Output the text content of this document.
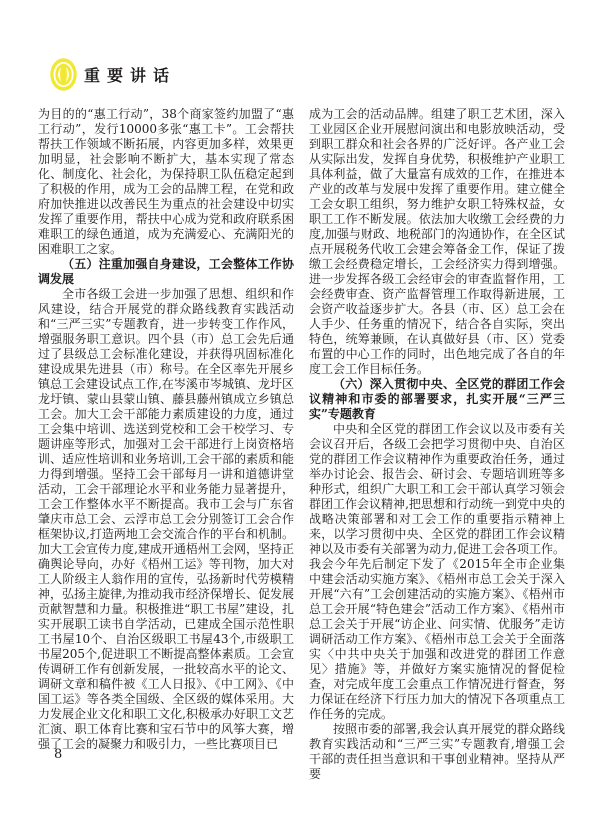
重要讲话

为目的的“惠工行动”，38个商家签约加盟了“惠工行动”，发行10000多张“惠工卡”。工会帮扶帮扶工作领域不断拓展，内容更加多样，效果更加明显，社会影响不断扩大，基本实现了常态化、制度化、社会化，为保持职工队伍稳定起到了积极的作用，成为工会的品牌工程，在党和政府加快推进以改善民生为重点的社会建设中切实发挥了重要作用，帮扶中心成为党和政府联系困难职工的绿色通道，成为充满爱心、充满阳光的困难职工之家。

（五）注重加强自身建设，工会整体工作协调发展

全市各级工会进一步加强了思想、组织和作风建设，结合开展党的群众路线教育实践活动和“三严三实”专题教育，进一步转变工作作风，增强服务职工意识。四个县（市）总工会先后通过了县级总工会标准化建设，并获得巩固标准化建设成果先进县（市）称号。在全区率先开展乡镇总工会建设试点工作,在岑溪市岑城镇、龙圩区龙圩镇、蒙山县蒙山镇、藤县藤州镇成立乡镇总工会。加大工会干部能力素质建设的力度，通过工会集中培训、选送到党校和工会干校学习、专题讲座等形式，加强对工会干部进行上岗资格培训、适应性培训和业务培训,工会干部的素质和能力得到增强。坚持工会干部每月一讲和道德讲堂活动，工会干部理论水平和业务能力显著提升，工会工作整体水平不断提高。我市工会与广东省肇庆市总工会、云浮市总工会分别签订工会合作框架协议,打造两地工会交流合作的平台和机制。加大工会宣传力度,建成开通梧州工会网，坚持正确舆论导向，办好《梧州工运》等刊物，加大对工人阶级主人翁作用的宣传，弘扬新时代劳模精神，弘扬主旋律,为推动我市经济保增长、促发展贡献智慧和力量。积极推进“职工书屋”建设，扎实开展职工读书自学活动，已建成全国示范性职工书屋10个、自治区级职工书屋43个,市级职工书屋205个,促进职工不断提高整体素质。工会宣传调研工作有创新发展，一批较高水平的论文、调研文章和稿件被《工人日报》、《中工网》、《中国工运》等各类全国级、全区级的媒体采用。大力发展企业文化和职工文化,积极承办好职工文艺汇演、职工体育比赛和宝石节中的风筝大赛，增强了工会的凝聚力和吸引力，一些比赛项目已

成为工会的活动品牌。组建了职工艺术团，深入工业园区企业开展慰问演出和电影放映活动，受到职工群众和社会各界的广泛好评。各产业工会从实际出发，发挥自身优势，积极维护产业职工具体利益，做了大量富有成效的工作，在推进本产业的改革与发展中发挥了重要作用。建立健全工会女职工组织，努力维护女职工特殊权益，女职工工作不断发展。依法加大收缴工会经费的力度,加强与财政、地税部门的沟通协作，在全区试点开展税务代收工会建会筹备金工作，保证了拨缴工会经费稳定增长，工会经济实力得到增强。进一步发挥各级工会经审会的审查监督作用，工会经费审查、资产监督管理工作取得新进展，工会资产收益逐步扩大。各县（市、区）总工会在人手少、任务重的情况下，结合各自实际，突出特色，统筹兼顾，在认真做好县（市、区）党委布置的中心工作的同时，出色地完成了各自的年度工会工作目标任务。

（六）深入贯彻中央、全区党的群团工作会议精神和市委的部署要求，扎实开展“三严三实”专题教育

中央和全区党的群团工作会议以及市委有关会议召开后，各级工会把学习贯彻中央、自治区党的群团工作会议精神作为重要政治任务，通过举办讨论会、报告会、研讨会、专题培训班等多种形式，组织广大职工和工会干部认真学习领会群团工作会议精神,把思想和行动统一到党中央的战略决策部署和对工会工作的重要指示精神上来，以学习贯彻中央、全区党的群团工作会议精神以及市委有关部署为动力,促进工会各项工作。我会今年先后制定下发了《2015年全市企业集中建会活动实施方案》、《梧州市总工会关于深入开展“六有”工会创建活动的实施方案》、《梧州市总工会开展“特色建会”活动工作方案》、《梧州市总工会关于开展“访企业、问实情、优服务”走访调研活动工作方案》、《梧州市总工会关于全面落实〈中共中央关于加强和改进党的群团工作意见〉措施》等，并做好方案实施情况的督促检查，对完成年度工会重点工作情况进行督查，努力保证在经济下行压力加大的情况下各项重点工作任务的完成。

按照市委的部署,我会认真开展党的群众路线教育实践活动和“三严三实”专题教育,增强工会干部的责任担当意识和干事创业精神。坚持从严要

8
